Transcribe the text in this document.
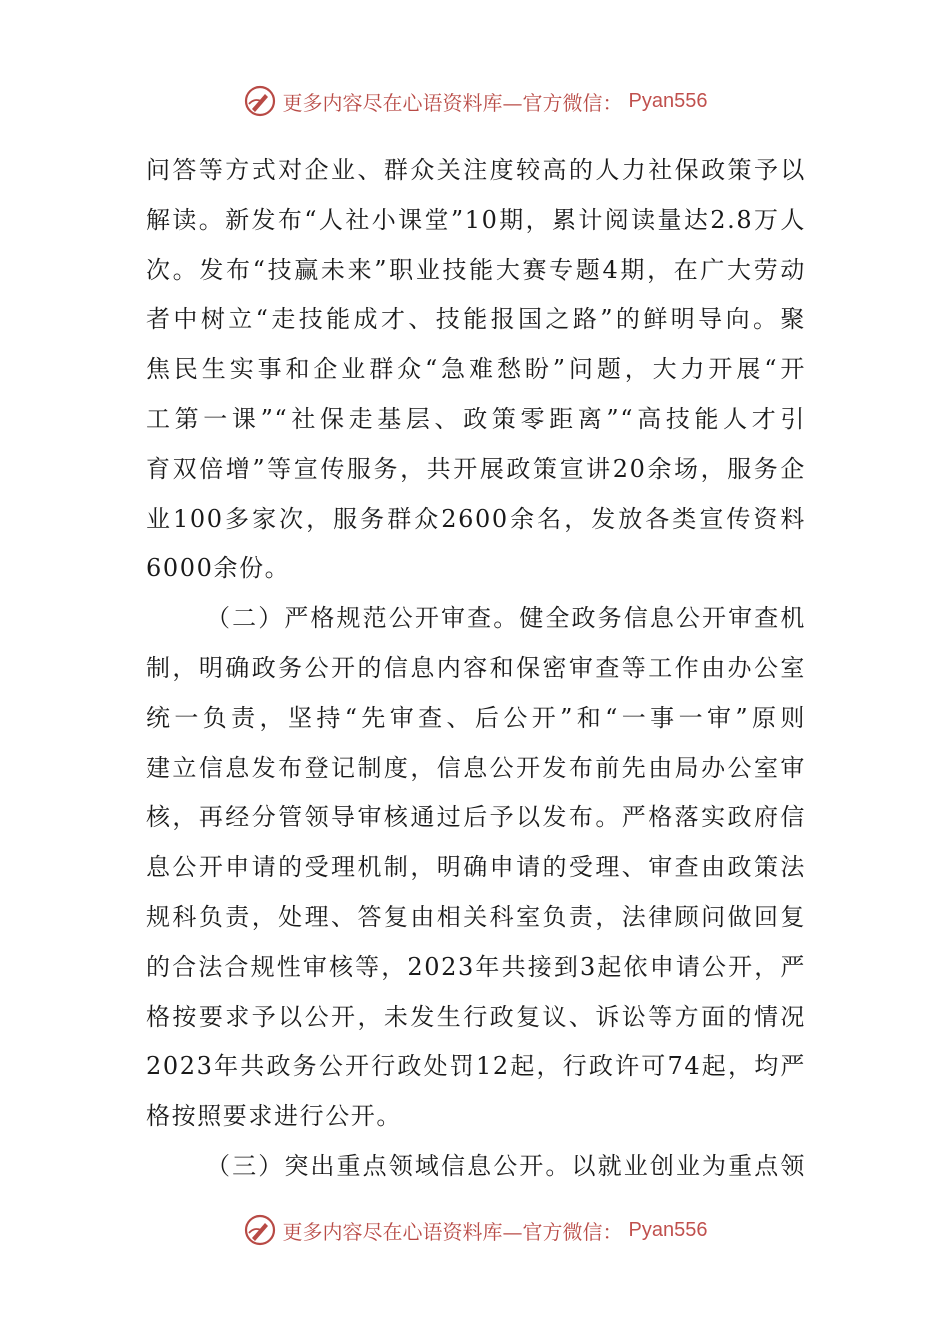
更多内容尽在心语资料库—官方微信： Pyan556
问答等方式对企业、群众关注度较高的人力社保政策予以
解读。新发布“人社小课堂”10期，累计阅读量达2.8万人
次。发布“技赢未来”职业技能大赛专题4期，在广大劳动
者中树立“走技能成才、技能报国之路”的鲜明导向。聚
焦民生实事和企业群众“急难愁盼”问题，大力开展“开
工第一课”“社保走基层、政策零距离”“高技能人才引
育双倍增”等宣传服务，共开展政策宣讲20余场，服务企
业100多家次，服务群众2600余名，发放各类宣传资料
6000余份。
（二）严格规范公开审查。健全政务信息公开审查机
制，明确政务公开的信息内容和保密审查等工作由办公室
统一负责，坚持“先审查、后公开”和“一事一审”原则
建立信息发布登记制度，信息公开发布前先由局办公室审
核，再经分管领导审核通过后予以发布。严格落实政府信
息公开申请的受理机制，明确申请的受理、审查由政策法
规科负责，处理、答复由相关科室负责，法律顾问做回复
的合法合规性审核等，2023年共接到3起依申请公开，严
格按要求予以公开，未发生行政复议、诉讼等方面的情况
2023年共政务公开行政处罚12起，行政许可74起，均严
格按照要求进行公开。
（三）突出重点领域信息公开。以就业创业为重点领
更多内容尽在心语资料库—官方微信： Pyan556
